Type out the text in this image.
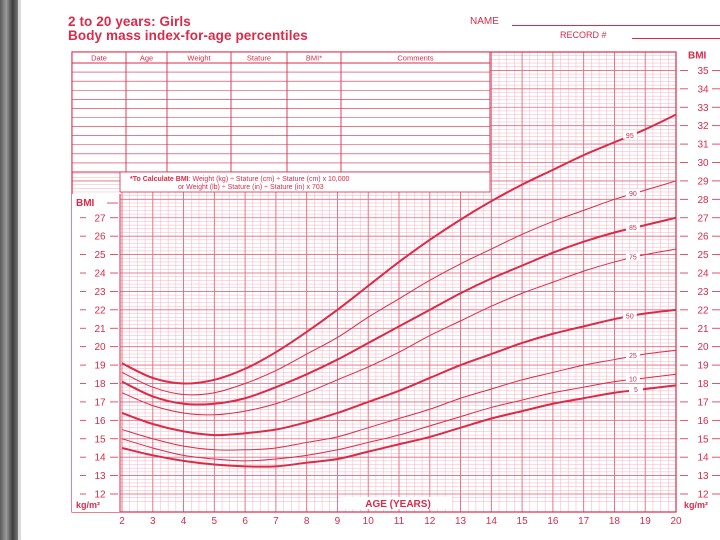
2 to 20 years: Girls
Body mass index-for-age percentiles
NAME
RECORD #
Date	Age	Weight	Stature	BMI*	Comments
*To Calculate BMI: Weight (kg) ÷ Stature (cm) ÷ Stature (cm) x 10,000
or Weight (lb) ÷ Stature (in) ÷ Stature (in) x 703
95
90
85
75
50
25
10
5
BMI
12
13
14
15
16
17
18
19
20
21
22
23
24
25
26
27
kg/m²
BMI
12
13
14
15
16
17
18
19
20
21
22
23
24
25
26
27
28
29
30
31
32
33
34
35
kg/m²
AGE (YEARS)
2	3	4	5	6	7	8	9 10 11 12 13 14 15 16 17 18 19 20
